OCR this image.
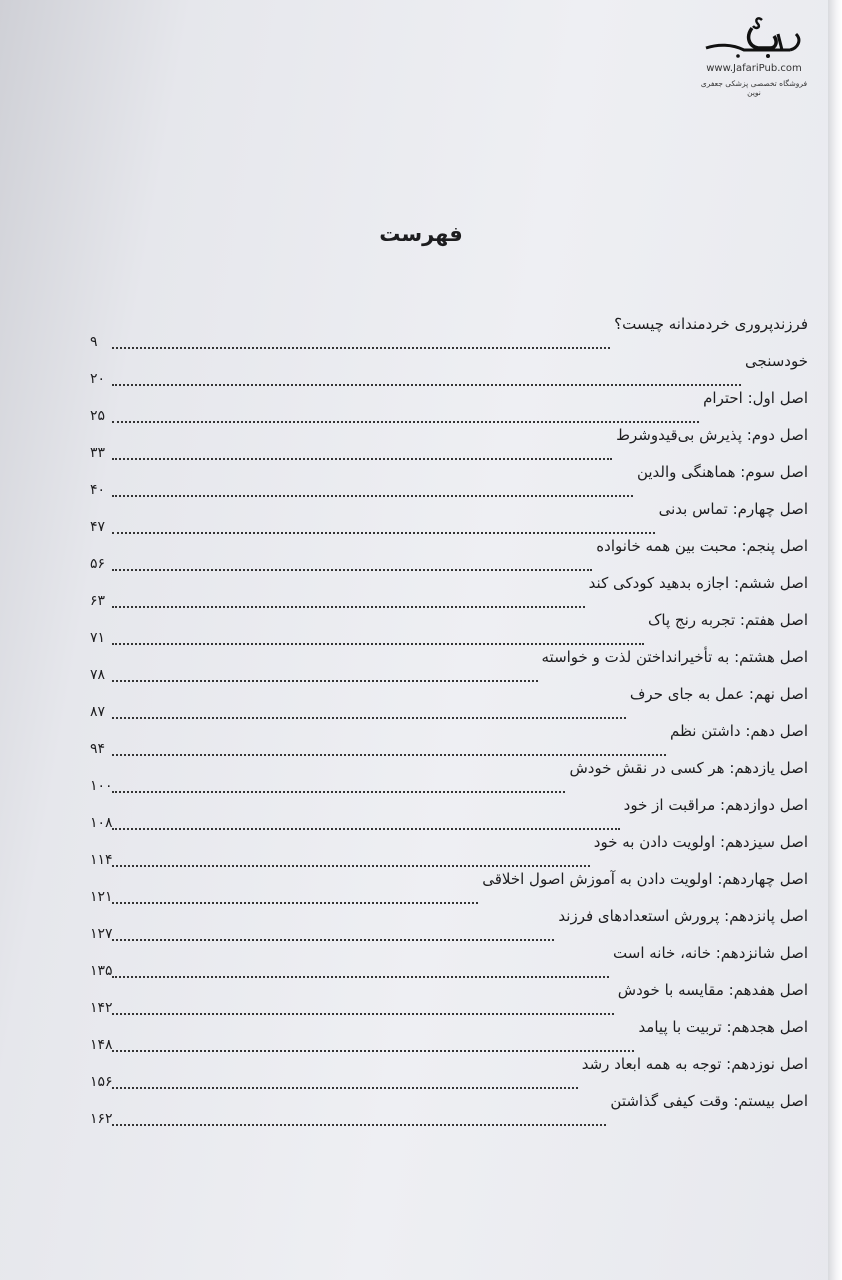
www.JafariPub.com
فروشگاه تخصصی پزشکی جعفری نوین
فهرست
فرزندپروری خردمندانه چیست؟
۹
خودسنجی
۲۰
اصل اول: احترام
۲۵
اصل دوم: پذیرش بی‌قیدوشرط
۳۳
اصل سوم: هماهنگی والدین
۴۰
اصل چهارم: تماس بدنی
۴۷
اصل پنجم: محبت بین همه خانواده
۵۶
اصل ششم: اجازه بدهید کودکی کند
۶۳
اصل هفتم: تجربه رنج پاک
۷۱
اصل هشتم: به تأخیرانداختن لذت و خواسته
۷۸
اصل نهم: عمل به جای حرف
۸۷
اصل دهم: داشتن نظم
۹۴
اصل یازدهم: هر کسی در نقش خودش
۱۰۰
اصل دوازدهم: مراقبت از خود
۱۰۸
اصل سیزدهم: اولویت دادن به خود
۱۱۴
اصل چهاردهم: اولویت دادن به آموزش اصول اخلاقی
۱۲۱
اصل پانزدهم: پرورش استعدادهای فرزند
۱۲۷
اصل شانزدهم: خانه، خانه است
۱۳۵
اصل هفدهم: مقایسه با خودش
۱۴۲
اصل هجدهم: تربیت با پیامد
۱۴۸
اصل نوزدهم: توجه به همه ابعاد رشد
۱۵۶
اصل بیستم: وقت کیفی گذاشتن
۱۶۲
